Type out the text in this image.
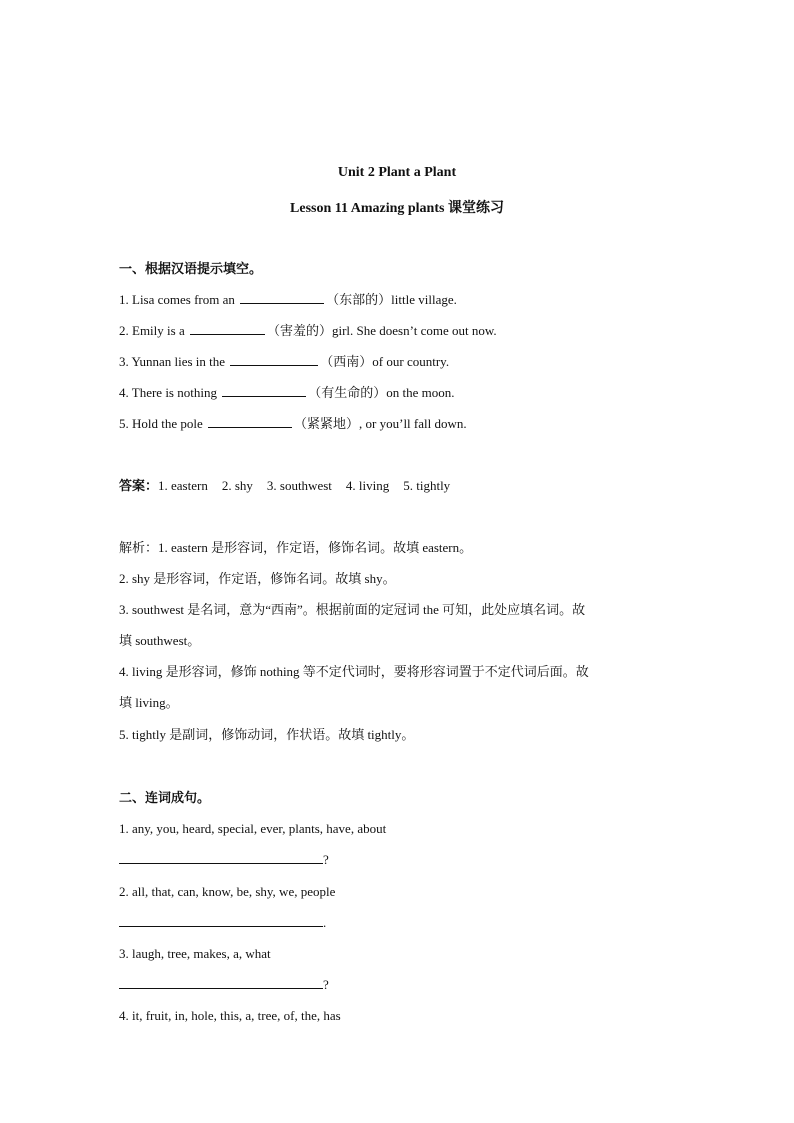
Unit 2 Plant a Plant
Lesson 11 Amazing plants 课堂练习
一、根据汉语提示填空。
1. Lisa comes from an	（东部的）little village.
2. Emily is a	（害羞的）girl. She doesn’t come out now.
3. Yunnan lies in the	（西南）of our country.
4. There is nothing	（有生命的）on the moon.
5. Hold the pole	（紧紧地）, or you’ll fall down.
答案：1. eastern 2. shy 3. southwest 4. living 5. tightly
解析：1. eastern 是形容词，作定语，修饰名词。故填 eastern。
2. shy 是形容词，作定语，修饰名词。故填 shy。
3. southwest 是名词，意为“西南”。根据前面的定冠词 the 可知，此处应填名词。故
填 southwest。
4. living 是形容词，修饰 nothing 等不定代词时，要将形容词置于不定代词后面。故
填 living。
5. tightly 是副词，修饰动词，作状语。故填 tightly。
二、连词成句。
1. any, you, heard, special, ever, plants, have, about
?
2. all, that, can, know, be, shy, we, people
.
3. laugh, tree, makes, a, what
?
4. it, fruit, in, hole, this, a, tree, of, the, has
